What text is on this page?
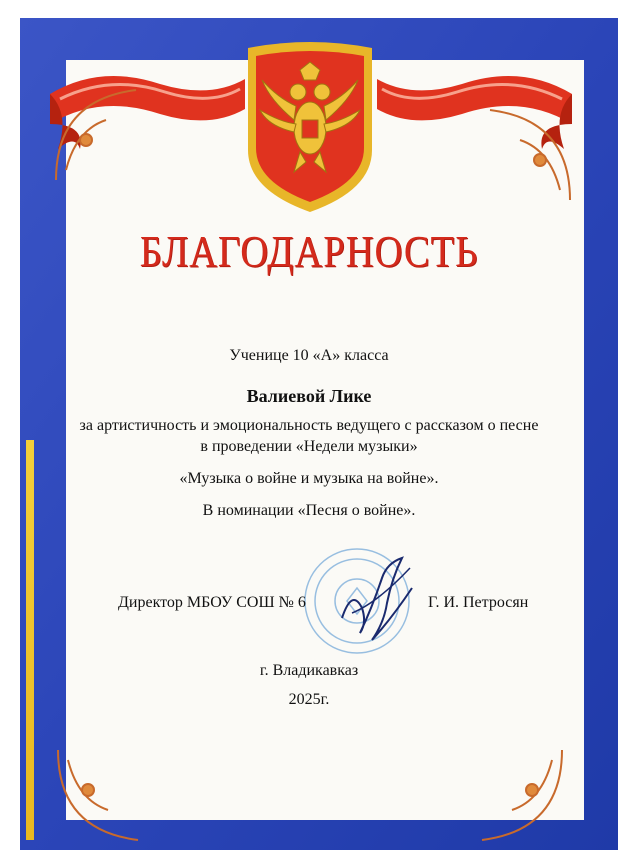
БЛАГОДАРНОСТЬ
Ученице 10 «А» класса
Валиевой Лике
за артистичность и эмоциональность ведущего с рассказом о песне
в проведении «Недели музыки»
«Музыка о войне и музыка на войне».
В номинации «Песня о войне».
Директор МБОУ СОШ № 6	Г. И. Петросян
г. Владикавказ
2025г.
